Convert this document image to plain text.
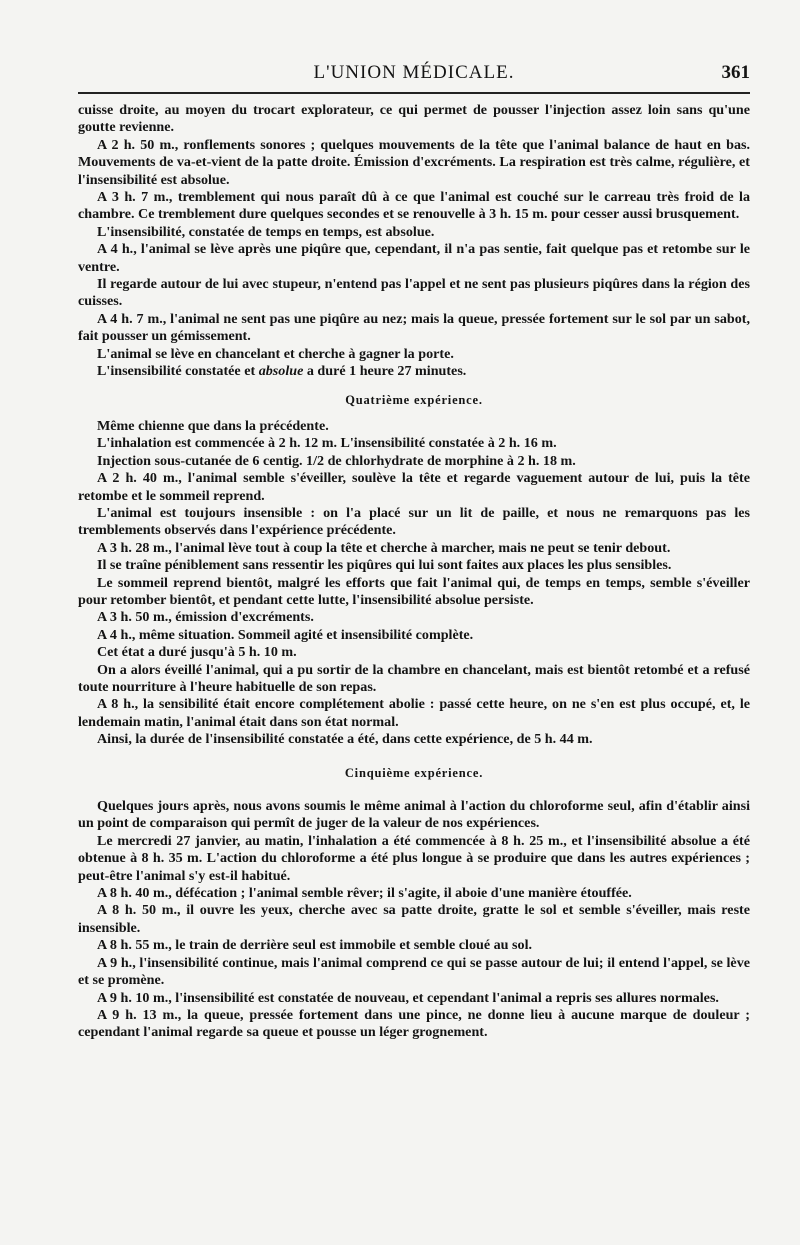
L'UNION MÉDICALE.	361

cuisse droite, au moyen du trocart explorateur, ce qui permet de pousser l'injection assez loin sans qu'une goutte revienne.

A 2 h. 50 m., ronflements sonores ; quelques mouvements de la tête que l'animal balance de haut en bas. Mouvements de va-et-vient de la patte droite. Émission d'excréments. La respiration est très calme, régulière, et l'insensibilité est absolue.

A 3 h. 7 m., tremblement qui nous paraît dû à ce que l'animal est couché sur le carreau très froid de la chambre. Ce tremblement dure quelques secondes et se renouvelle à 3 h. 15 m. pour cesser aussi brusquement.

L'insensibilité, constatée de temps en temps, est absolue.

A 4 h., l'animal se lève après une piqûre que, cependant, il n'a pas sentie, fait quelque pas et retombe sur le ventre.

Il regarde autour de lui avec stupeur, n'entend pas l'appel et ne sent pas plusieurs piqûres dans la région des cuisses.

A 4 h. 7 m., l'animal ne sent pas une piqûre au nez; mais la queue, pressée fortement sur le sol par un sabot, fait pousser un gémissement.

L'animal se lève en chancelant et cherche à gagner la porte.

L'insensibilité constatée et absolue a duré 1 heure 27 minutes.

Quatrième expérience.

Même chienne que dans la précédente.

L'inhalation est commencée à 2 h. 12 m. L'insensibilité constatée à 2 h. 16 m.

Injection sous-cutanée de 6 centig. 1/2 de chlorhydrate de morphine à 2 h. 18 m.

A 2 h. 40 m., l'animal semble s'éveiller, soulève la tête et regarde vaguement autour de lui, puis la tête retombe et le sommeil reprend.

L'animal est toujours insensible : on l'a placé sur un lit de paille, et nous ne remarquons pas les tremblements observés dans l'expérience précédente.

A 3 h. 28 m., l'animal lève tout à coup la tête et cherche à marcher, mais ne peut se tenir debout.

Il se traîne péniblement sans ressentir les piqûres qui lui sont faites aux places les plus sensibles.

Le sommeil reprend bientôt, malgré les efforts que fait l'animal qui, de temps en temps, semble s'éveiller pour retomber bientôt, et pendant cette lutte, l'insensibilité absolue persiste.

A 3 h. 50 m., émission d'excréments.

A 4 h., même situation. Sommeil agité et insensibilité complète.

Cet état a duré jusqu'à 5 h. 10 m.

On a alors éveillé l'animal, qui a pu sortir de la chambre en chancelant, mais est bientôt retombé et a refusé toute nourriture à l'heure habituelle de son repas.

A 8 h., la sensibilité était encore complétement abolie : passé cette heure, on ne s'en est plus occupé, et, le lendemain matin, l'animal était dans son état normal.

Ainsi, la durée de l'insensibilité constatée a été, dans cette expérience, de 5 h. 44 m.

Cinquième expérience.

Quelques jours après, nous avons soumis le même animal à l'action du chloroforme seul, afin d'établir ainsi un point de comparaison qui permît de juger de la valeur de nos expériences.

Le mercredi 27 janvier, au matin, l'inhalation a été commencée à 8 h. 25 m., et l'insensibilité absolue a été obtenue à 8 h. 35 m. L'action du chloroforme a été plus longue à se produire que dans les autres expériences ; peut-être l'animal s'y est-il habitué.

A 8 h. 40 m., défécation ; l'animal semble rêver; il s'agite, il aboie d'une manière étouffée.

A 8 h. 50 m., il ouvre les yeux, cherche avec sa patte droite, gratte le sol et semble s'éveiller, mais reste insensible.

A 8 h. 55 m., le train de derrière seul est immobile et semble cloué au sol.

A 9 h., l'insensibilité continue, mais l'animal comprend ce qui se passe autour de lui; il entend l'appel, se lève et se promène.

A 9 h. 10 m., l'insensibilité est constatée de nouveau, et cependant l'animal a repris ses allures normales.

A 9 h. 13 m., la queue, pressée fortement dans une pince, ne donne lieu à aucune marque de douleur ; cependant l'animal regarde sa queue et pousse un léger grognement.
